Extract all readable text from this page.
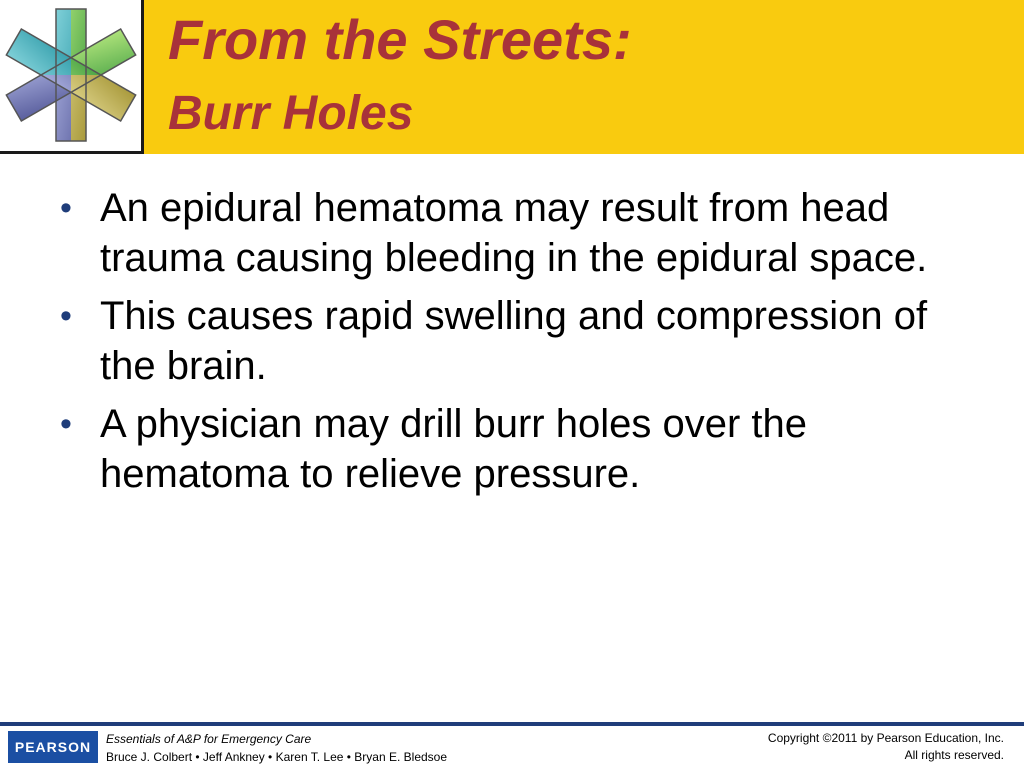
From the Streets:
Burr Holes
• An epidural hematoma may result from head trauma causing bleeding in the epidural space.
• This causes rapid swelling and compression of the brain.
• A physician may drill burr holes over the hematoma to relieve pressure.
PEARSON	Essentials of A&P for Emergency Care
Bruce J. Colbert • Jeff Ankney • Karen T. Lee • Bryan E. Bledsoe
Copyright ©2011 by Pearson Education, Inc.
All rights reserved.
